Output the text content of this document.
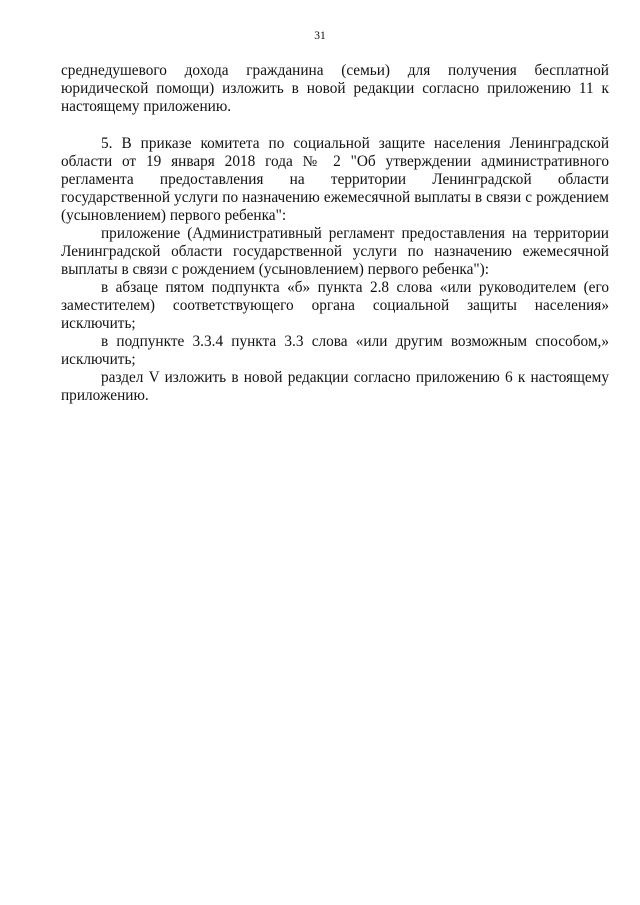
31

среднедушевого дохода гражданина (семьи) для получения бесплатной юридической помощи) изложить в новой редакции согласно приложению 11 к настоящему приложению.

5. В приказе комитета по социальной защите населения Ленинградской области от 19 января 2018 года № 2 "Об утверждении административного регламента предоставления на территории Ленинградской области государственной услуги по назначению ежемесячной выплаты в связи с рождением (усыновлением) первого ребенка":

приложение (Административный регламент предоставления на территории Ленинградской области государственной услуги по назначению ежемесячной выплаты в связи с рождением (усыновлением) первого ребенка"):

в абзаце пятом подпункта «б» пункта 2.8 слова «или руководителем (его заместителем) соответствующего органа социальной защиты населения» исключить;

в подпункте 3.3.4 пункта 3.3 слова «или другим возможным способом,» исключить;

раздел V изложить в новой редакции согласно приложению 6 к настоящему приложению.
